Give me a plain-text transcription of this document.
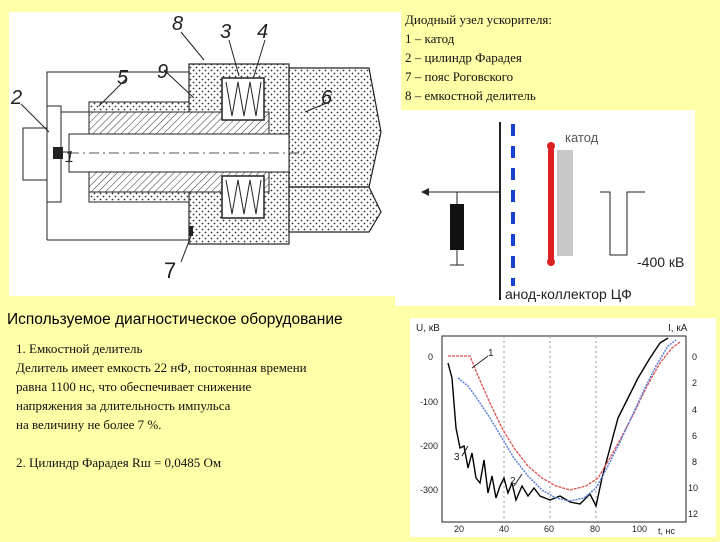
8 3 4
2
5 9
6
1
7
Диодный узел ускорителя:
1 – катод
2 – цилиндр Фарадея
7 – пояс Роговского
8 – емкостной делитель
катод
-400 кВ
анод-коллектор ЦФ
Используемое диагностическое оборудование
1. Емкостной делитель
Делитель имеет емкость 22 нФ, постоянная времени
равна 1100 нс, что обеспечивает снижение
напряжения за длительность импульса
на величину не более 7 %.
2. Цилиндр Фарадея Rш = 0,0485 Ом
U, кВ	I, кА
t, нс
20	40	60	80	100
0
-100
-200
-300
0
2
4
6
8
10
12
1
2
3
